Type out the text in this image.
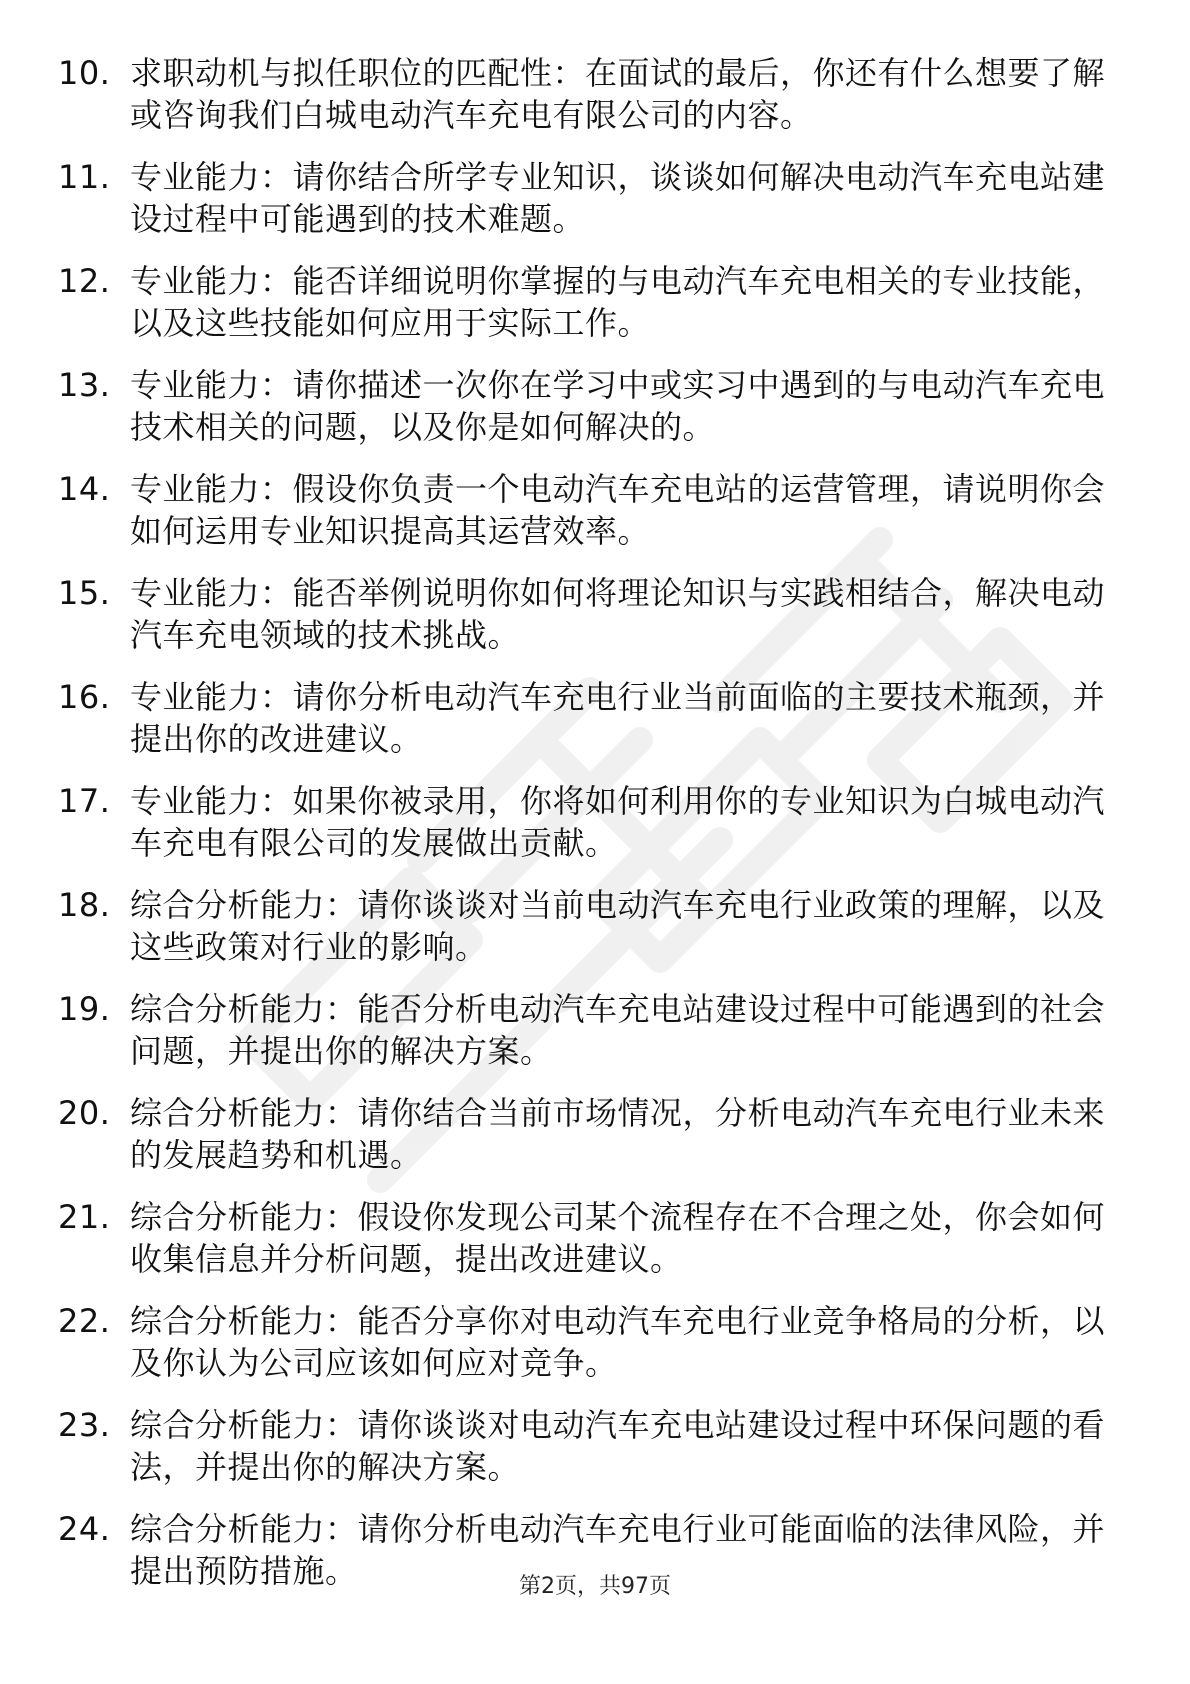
10. 求职动机与拟任职位的匹配性：在面试的最后，你还有什么想要了解或咨询我们白城电动汽车充电有限公司的内容。
11. 专业能力：请你结合所学专业知识，谈谈如何解决电动汽车充电站建设过程中可能遇到的技术难题。
12. 专业能力：能否详细说明你掌握的与电动汽车充电相关的专业技能，以及这些技能如何应用于实际工作。
13. 专业能力：请你描述一次你在学习中或实习中遇到的与电动汽车充电技术相关的问题，以及你是如何解决的。
14. 专业能力：假设你负责一个电动汽车充电站的运营管理，请说明你会如何运用专业知识提高其运营效率。
15. 专业能力：能否举例说明你如何将理论知识与实践相结合，解决电动汽车充电领域的技术挑战。
16. 专业能力：请你分析电动汽车充电行业当前面临的主要技术瓶颈，并提出你的改进建议。
17. 专业能力：如果你被录用，你将如何利用你的专业知识为白城电动汽车充电有限公司的发展做出贡献。
18. 综合分析能力：请你谈谈对当前电动汽车充电行业政策的理解，以及这些政策对行业的影响。
19. 综合分析能力：能否分析电动汽车充电站建设过程中可能遇到的社会问题，并提出你的解决方案。
20. 综合分析能力：请你结合当前市场情况，分析电动汽车充电行业未来的发展趋势和机遇。
21. 综合分析能力：假设你发现公司某个流程存在不合理之处，你会如何收集信息并分析问题，提出改进建议。
22. 综合分析能力：能否分享你对电动汽车充电行业竞争格局的分析，以及你认为公司应该如何应对竞争。
23. 综合分析能力：请你谈谈对电动汽车充电站建设过程中环保问题的看法，并提出你的解决方案。
24. 综合分析能力：请你分析电动汽车充电行业可能面临的法律风险，并提出预防措施。	第2页，共97页
